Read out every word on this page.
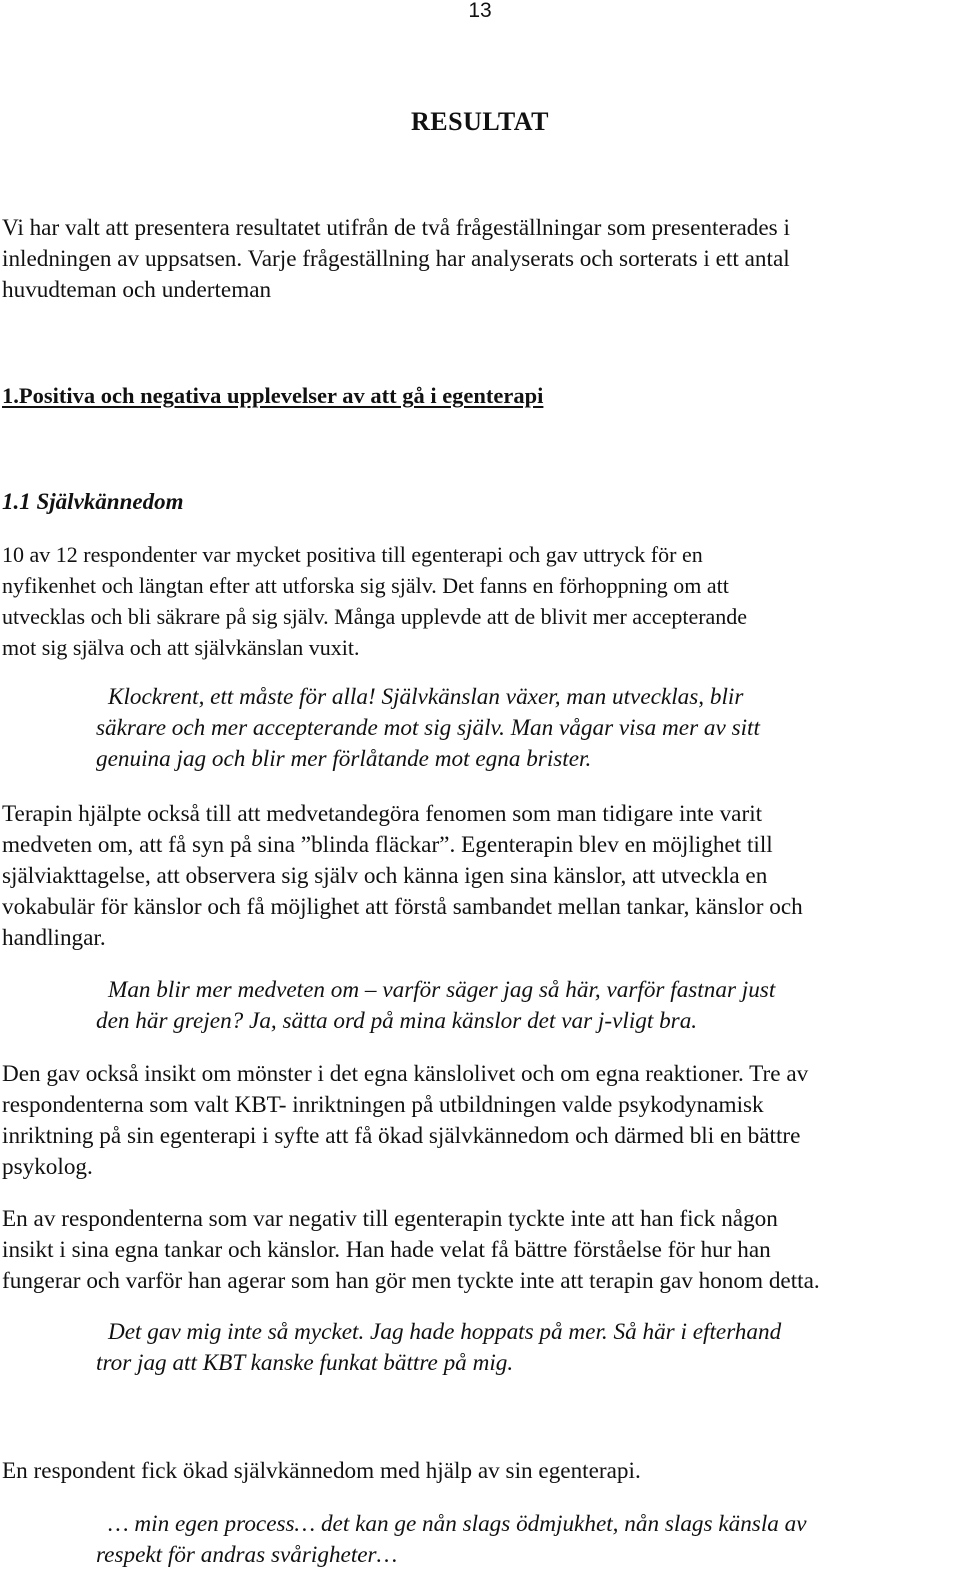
13
RESULTAT

Vi har valt att presentera resultatet utifrån de två frågeställningar som presenterades i
inledningen av uppsatsen. Varje frågeställning har analyserats och sorterats i ett antal
huvudteman och underteman

1.Positiva och negativa upplevelser av att gå i egenterapi
1.1 Självkännedom

10 av 12 respondenter var mycket positiva till egenterapi och gav uttryck för en
nyfikenhet och längtan efter att utforska sig själv. Det fanns en förhoppning om att
utvecklas och bli säkrare på sig själv. Många upplevde att de blivit mer accepterande
mot sig själva och att självkänslan vuxit.

Klockrent, ett måste för alla! Självkänslan växer, man utvecklas, blir
säkrare och mer accepterande mot sig själv. Man vågar visa mer av sitt
genuina jag och blir mer förlåtande mot egna brister.

Terapin hjälpte också till att medvetandegöra fenomen som man tidigare inte varit
medveten om, att få syn på sina ”blinda fläckar”. Egenterapin blev en möjlighet till
själviakttagelse, att observera sig själv och känna igen sina känslor, att utveckla en
vokabulär för känslor och få möjlighet att förstå sambandet mellan tankar, känslor och
handlingar.

Man blir mer medveten om – varför säger jag så här, varför fastnar just
den här grejen? Ja, sätta ord på mina känslor det var j-vligt bra.

Den gav också insikt om mönster i det egna känslolivet och om egna reaktioner. Tre av
respondenterna som valt KBT- inriktningen på utbildningen valde psykodynamisk
inriktning på sin egenterapi i syfte att få ökad självkännedom och därmed bli en bättre
psykolog.

En av respondenterna som var negativ till egenterapin tyckte inte att han fick någon
insikt i sina egna tankar och känslor. Han hade velat få bättre förståelse för hur han
fungerar och varför han agerar som han gör men tyckte inte att terapin gav honom detta.

Det gav mig inte så mycket. Jag hade hoppats på mer. Så här i efterhand
tror jag att KBT kanske funkat bättre på mig.

En respondent fick ökad självkännedom med hjälp av sin egenterapi.

… min egen process… det kan ge nån slags ödmjukhet, nån slags känsla av
respekt för andras svårigheter…
